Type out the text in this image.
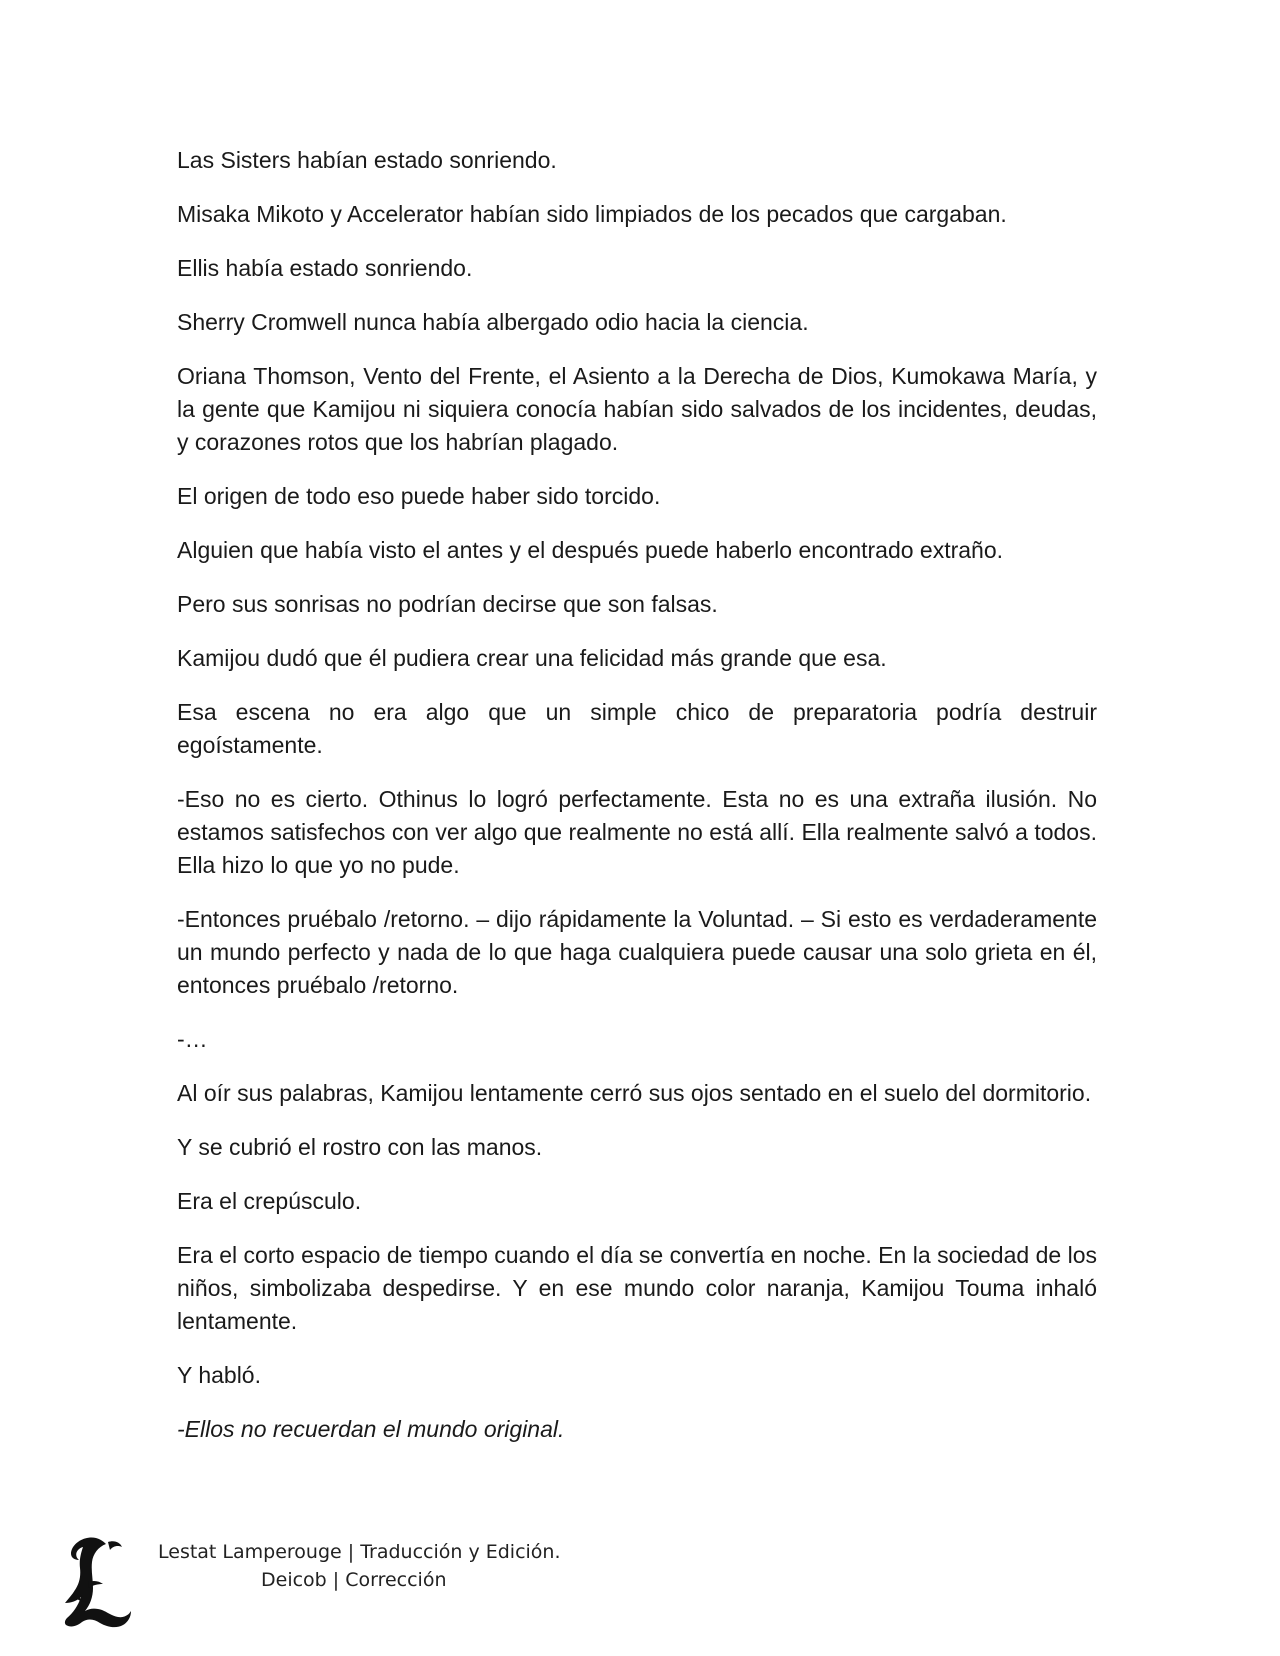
Las Sisters habían estado sonriendo.

Misaka Mikoto y Accelerator habían sido limpiados de los pecados que cargaban.

Ellis había estado sonriendo.

Sherry Cromwell nunca había albergado odio hacia la ciencia.

Oriana Thomson, Vento del Frente, el Asiento a la Derecha de Dios, Kumokawa María, y la gente que Kamijou ni siquiera conocía habían sido salvados de los incidentes, deudas, y corazones rotos que los habrían plagado.

El origen de todo eso puede haber sido torcido.

Alguien que había visto el antes y el después puede haberlo encontrado extraño.

Pero sus sonrisas no podrían decirse que son falsas.

Kamijou dudó que él pudiera crear una felicidad más grande que esa.

Esa escena no era algo que un simple chico de preparatoria podría destruir egoístamente.

-Eso no es cierto. Othinus lo logró perfectamente. Esta no es una extraña ilusión. No estamos satisfechos con ver algo que realmente no está allí. Ella realmente salvó a todos. Ella hizo lo que yo no pude.

-Entonces pruébalo /retorno. – dijo rápidamente la Voluntad. – Si esto es verdaderamente un mundo perfecto y nada de lo que haga cualquiera puede causar una solo grieta en él, entonces pruébalo /retorno.

-…

Al oír sus palabras, Kamijou lentamente cerró sus ojos sentado en el suelo del dormitorio.

Y se cubrió el rostro con las manos.

Era el crepúsculo.

Era el corto espacio de tiempo cuando el día se convertía en noche. En la sociedad de los niños, simbolizaba despedirse. Y en ese mundo color naranja, Kamijou Touma inhaló lentamente.

Y habló.

-Ellos no recuerdan el mundo original.

Lestat Lamperouge | Traducción y Edición.
Deicob | Corrección
